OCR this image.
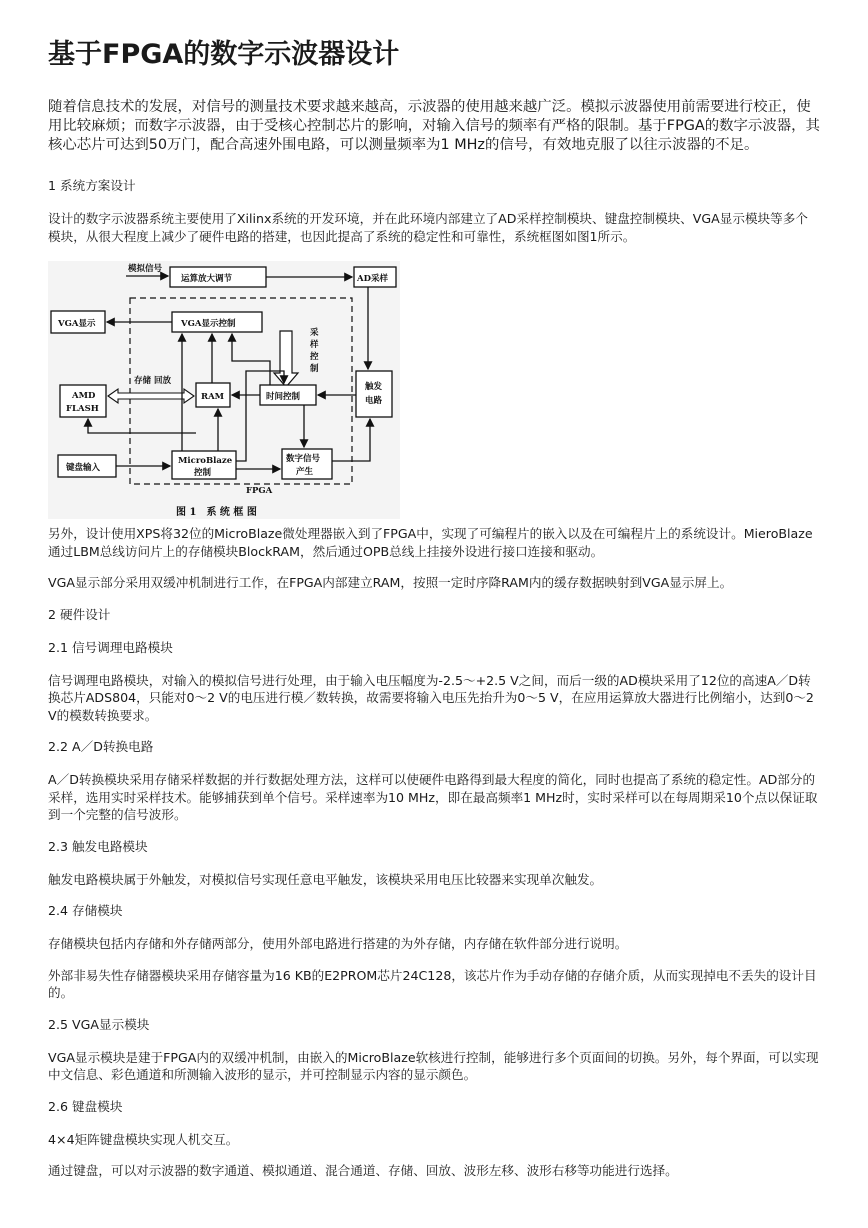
基于FPGA的数字示波器设计

随着信息技术的发展，对信号的测量技术要求越来越高，示波器的使用越来越广泛。模拟示波器使用前需要进行校正，使用比较麻烦；而数字示波器，由于受核心控制芯片的影响，对输入信号的频率有严格的限制。基于FPGA的数字示波器，其核心芯片可达到50万门，配合高速外围电路，可以测量频率为1 MHz的信号，有效地克服了以往示波器的不足。

1 系统方案设计

设计的数字示波器系统主要使用了Xilinx系统的开发环境，并在此环境内部建立了AD采样控制模块、键盘控制模块、VGA显示模块等多个模块，从很大程度上减少了硬件电路的搭建，也因此提高了系统的稳定性和可靠性，系统框图如图1所示。

模拟信号
运算放大调节	AD采样
VGA显示	VGA显示控制
采
样
控
制
存储 回放
AMD
FLASH
RAM	时间控制
触发
电路
MicroBlaze
控制
键盘输入
数字信号
产生
FPGA
图 1　系 统 框 图

另外，设计使用XPS将32位的MicroBlaze微处理器嵌入到了FPGA中，实现了可编程片的嵌入以及在可编程片上的系统设计。MieroBlaze通过LBM总线访问片上的存储模块BlockRAM，然后通过OPB总线上挂接外设进行接口连接和驱动。

VGA显示部分采用双缓冲机制进行工作，在FPGA内部建立RAM，按照一定时序降RAM内的缓存数据映射到VGA显示屏上。

2 硬件设计

2.1 信号调理电路模块

信号调理电路模块，对输入的模拟信号进行处理，由于输入电压幅度为-2.5～+2.5 V之间，而后一级的AD模块采用了12位的高速A／D转换芯片ADS804，只能对0～2 V的电压进行模／数转换，故需要将输入电压先抬升为0～5 V，在应用运算放大器进行比例缩小，达到0～2 V的模数转换要求。

2.2 A／D转换电路

A／D转换模块采用存储采样数据的并行数据处理方法，这样可以使硬件电路得到最大程度的简化，同时也提高了系统的稳定性。AD部分的采样，选用实时采样技术。能够捕获到单个信号。采样速率为10 MHz，即在最高频率1 MHz时，实时采样可以在每周期采10个点以保证取到一个完整的信号波形。

2.3 触发电路模块

触发电路模块属于外触发，对模拟信号实现任意电平触发，该模块采用电压比较器来实现单次触发。

2.4 存储模块

存储模块包括内存储和外存储两部分，使用外部电路进行搭建的为外存储，内存储在软件部分进行说明。

外部非易失性存储器模块采用存储容量为16 KB的E2PROM芯片24C128，该芯片作为手动存储的存储介质，从而实现掉电不丢失的设计目的。

2.5 VGA显示模块

VGA显示模块是建于FPGA内的双缓冲机制，由嵌入的MicroBlaze软核进行控制，能够进行多个页面间的切换。另外，每个界面，可以实现中文信息、彩色通道和所测输入波形的显示，并可控制显示内容的显示颜色。

2.6 键盘模块

4×4矩阵键盘模块实现人机交互。

通过键盘，可以对示波器的数字通道、模拟通道、混合通道、存储、回放、波形左移、波形右移等功能进行选择。
